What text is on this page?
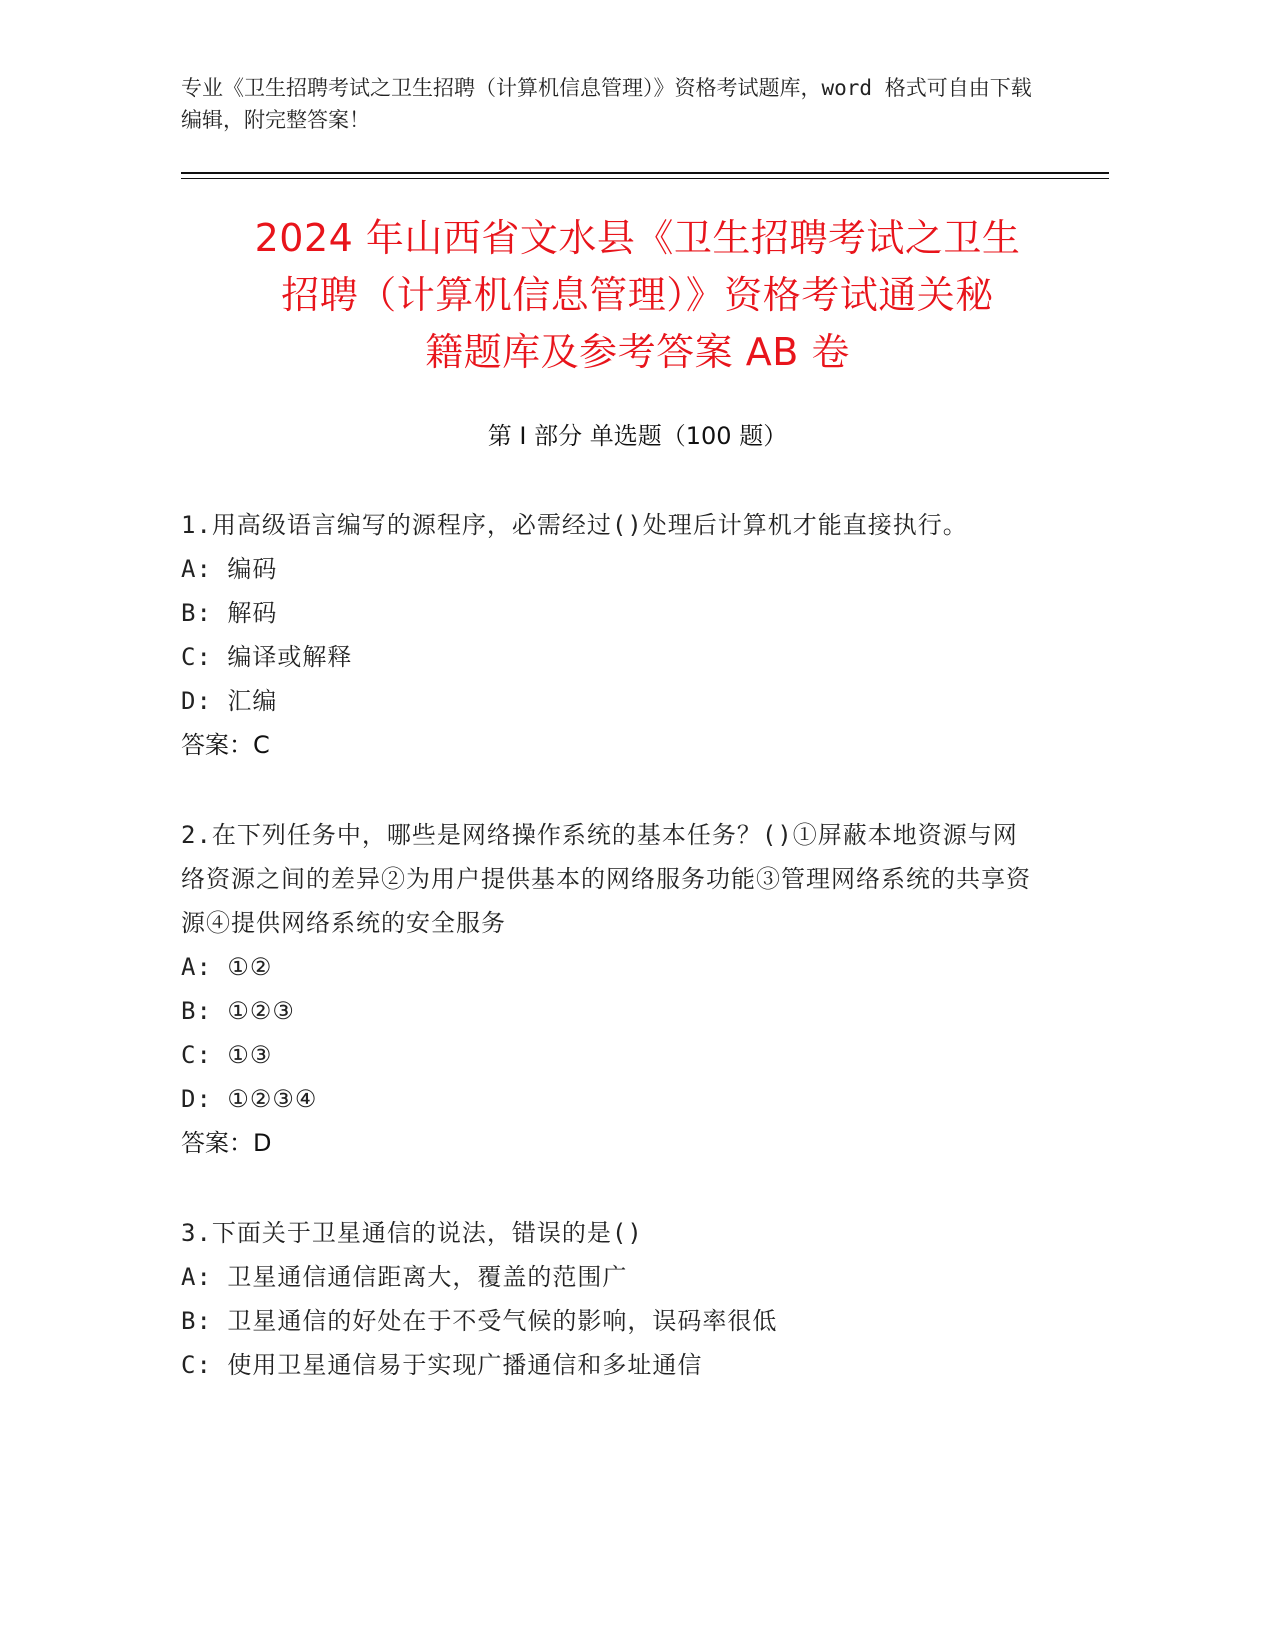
专业《卫生招聘考试之卫生招聘（计算机信息管理）》资格考试题库，word 格式可自由下载编辑，附完整答案！
2024 年山西省文水县《卫生招聘考试之卫生
招聘（计算机信息管理）》资格考试通关秘
籍题库及参考答案 AB 卷
第 I 部分 单选题（100 题）
1.用高级语言编写的源程序，必需经过()处理后计算机才能直接执行。
A: 编码
B: 解码
C: 编译或解释
D: 汇编
答案：C
2.在下列任务中，哪些是网络操作系统的基本任务？()①屏蔽本地资源与网络资源之间的差异②为用户提供基本的网络服务功能③管理网络系统的共享资源④提供网络系统的安全服务
A: ①②
B: ①②③
C: ①③
D: ①②③④
答案：D
3.下面关于卫星通信的说法，错误的是()
A: 卫星通信通信距离大，覆盖的范围广
B: 卫星通信的好处在于不受气候的影响，误码率很低
C: 使用卫星通信易于实现广播通信和多址通信
